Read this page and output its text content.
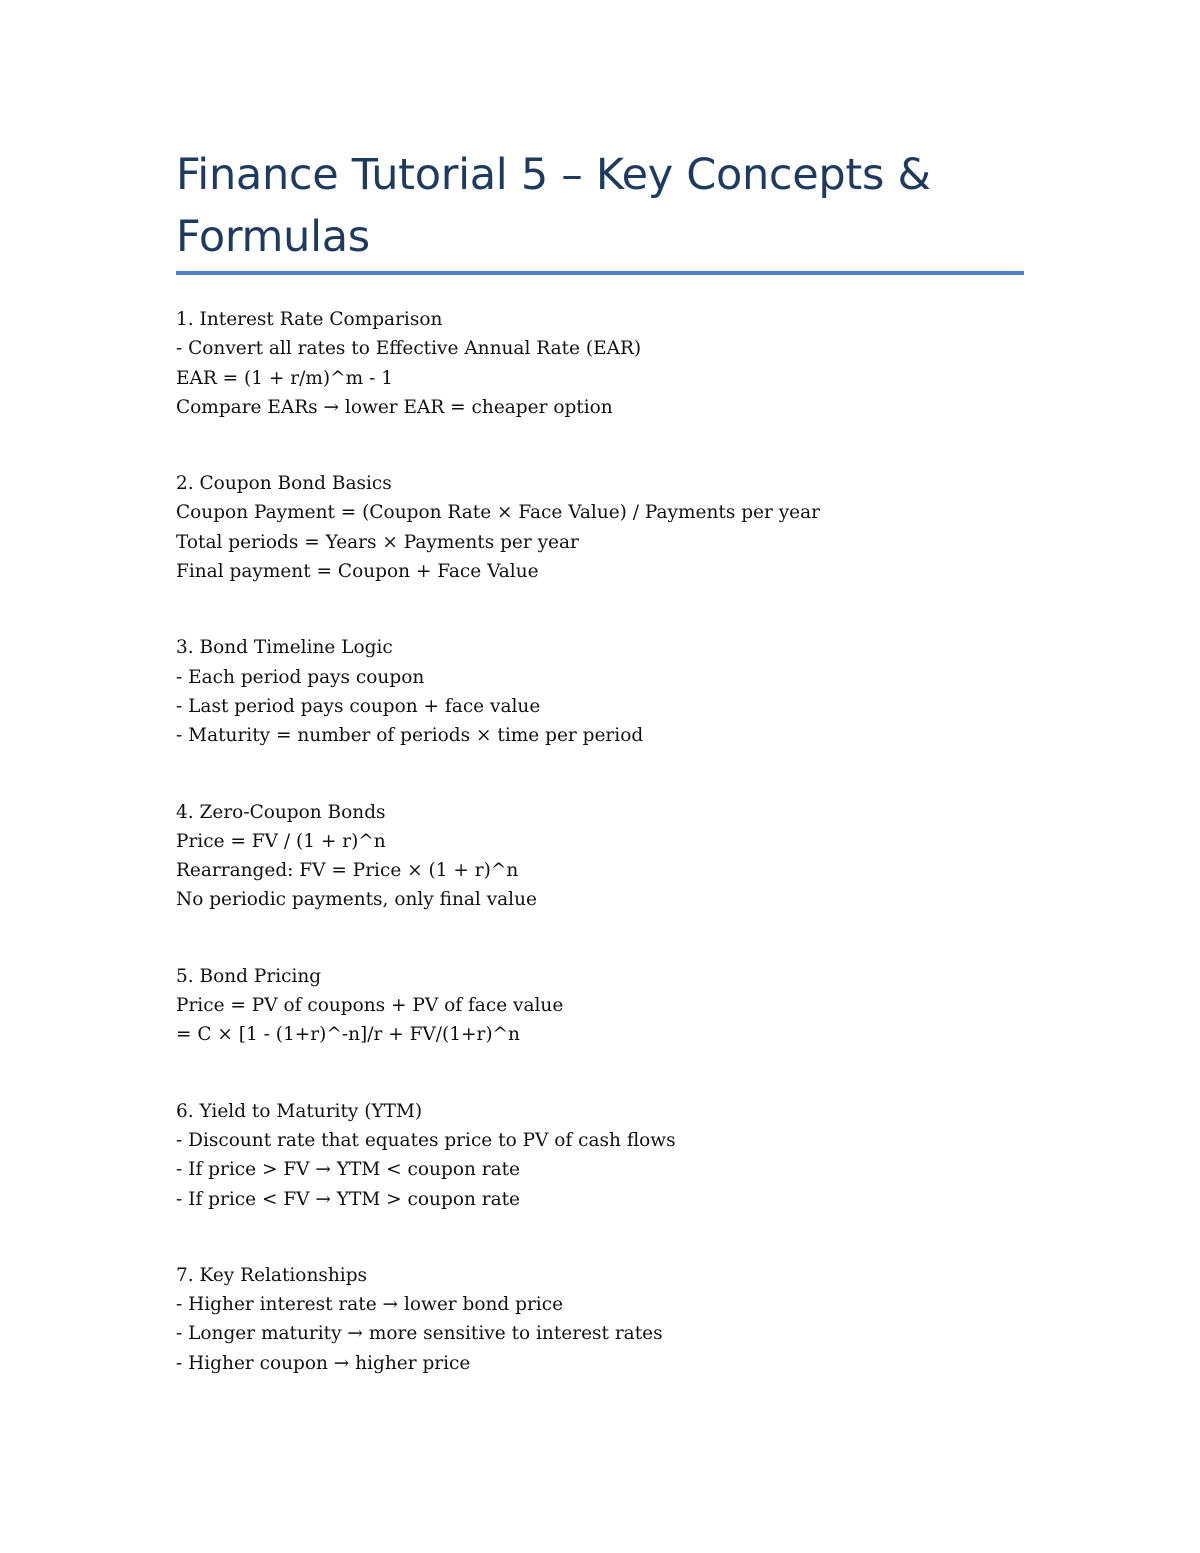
Finance Tutorial 5 – Key Concepts & Formulas
1. Interest Rate Comparison
- Convert all rates to Effective Annual Rate (EAR)
EAR = (1 + r/m)^m - 1
Compare EARs → lower EAR = cheaper option
2. Coupon Bond Basics
Coupon Payment = (Coupon Rate × Face Value) / Payments per year
Total periods = Years × Payments per year
Final payment = Coupon + Face Value
3. Bond Timeline Logic
- Each period pays coupon
- Last period pays coupon + face value
- Maturity = number of periods × time per period
4. Zero-Coupon Bonds
Price = FV / (1 + r)^n
Rearranged: FV = Price × (1 + r)^n
No periodic payments, only final value
5. Bond Pricing
Price = PV of coupons + PV of face value
= C × [1 - (1+r)^-n]/r + FV/(1+r)^n
6. Yield to Maturity (YTM)
- Discount rate that equates price to PV of cash flows
- If price > FV → YTM < coupon rate
- If price < FV → YTM > coupon rate
7. Key Relationships
- Higher interest rate → lower bond price
- Longer maturity → more sensitive to interest rates
- Higher coupon → higher price
